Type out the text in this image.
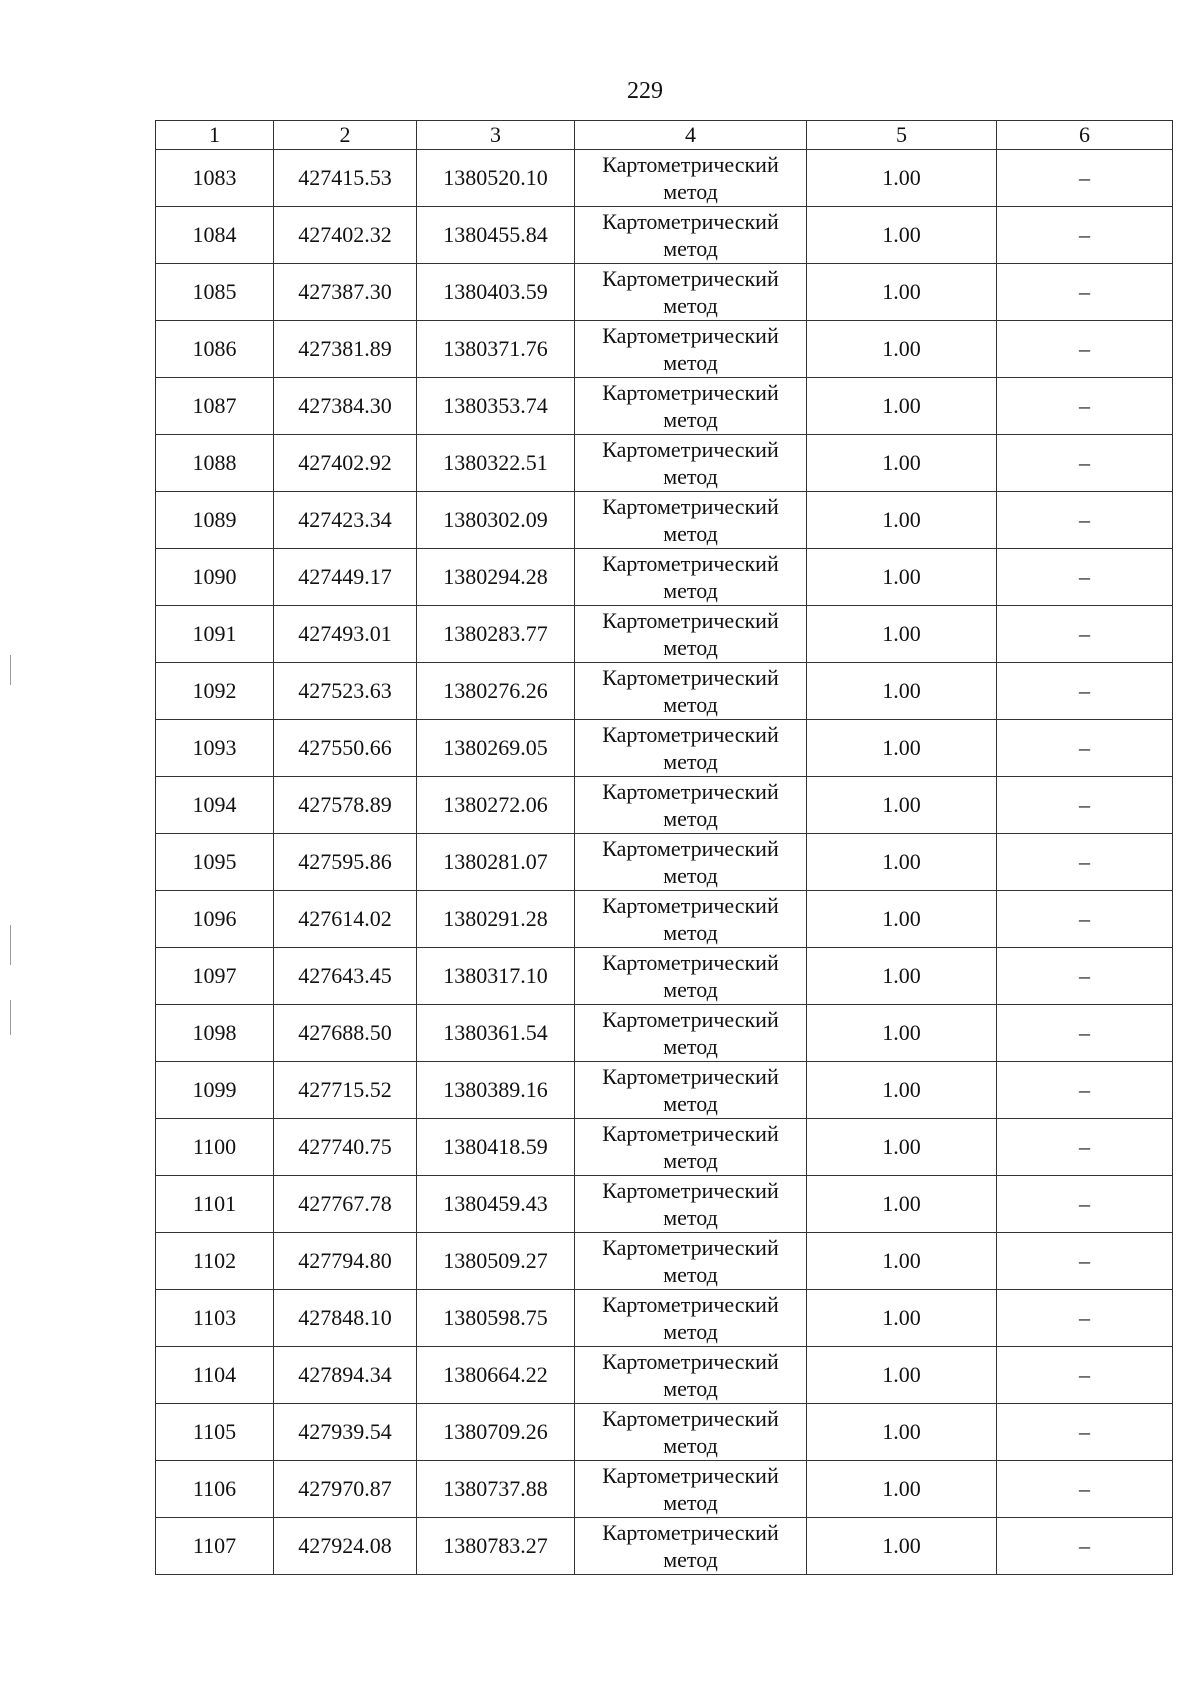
229
1	2	3	4	5	6
1083	427415.53	1380520.10	Картометрический метод	1.00	–
1084	427402.32	1380455.84	Картометрический метод	1.00	–
1085	427387.30	1380403.59	Картометрический метод	1.00	–
1086	427381.89	1380371.76	Картометрический метод	1.00	–
1087	427384.30	1380353.74	Картометрический метод	1.00	–
1088	427402.92	1380322.51	Картометрический метод	1.00	–
1089	427423.34	1380302.09	Картометрический метод	1.00	–
1090	427449.17	1380294.28	Картометрический метод	1.00	–
1091	427493.01	1380283.77	Картометрический метод	1.00	–
1092	427523.63	1380276.26	Картометрический метод	1.00	–
1093	427550.66	1380269.05	Картометрический метод	1.00	–
1094	427578.89	1380272.06	Картометрический метод	1.00	–
1095	427595.86	1380281.07	Картометрический метод	1.00	–
1096	427614.02	1380291.28	Картометрический метод	1.00	–
1097	427643.45	1380317.10	Картометрический метод	1.00	–
1098	427688.50	1380361.54	Картометрический метод	1.00	–
1099	427715.52	1380389.16	Картометрический метод	1.00	–
1100	427740.75	1380418.59	Картометрический метод	1.00	–
1101	427767.78	1380459.43	Картометрический метод	1.00	–
1102	427794.80	1380509.27	Картометрический метод	1.00	–
1103	427848.10	1380598.75	Картометрический метод	1.00	–
1104	427894.34	1380664.22	Картометрический метод	1.00	–
1105	427939.54	1380709.26	Картометрический метод	1.00	–
1106	427970.87	1380737.88	Картометрический метод	1.00	–
1107	427924.08	1380783.27	Картометрический метод	1.00	–
